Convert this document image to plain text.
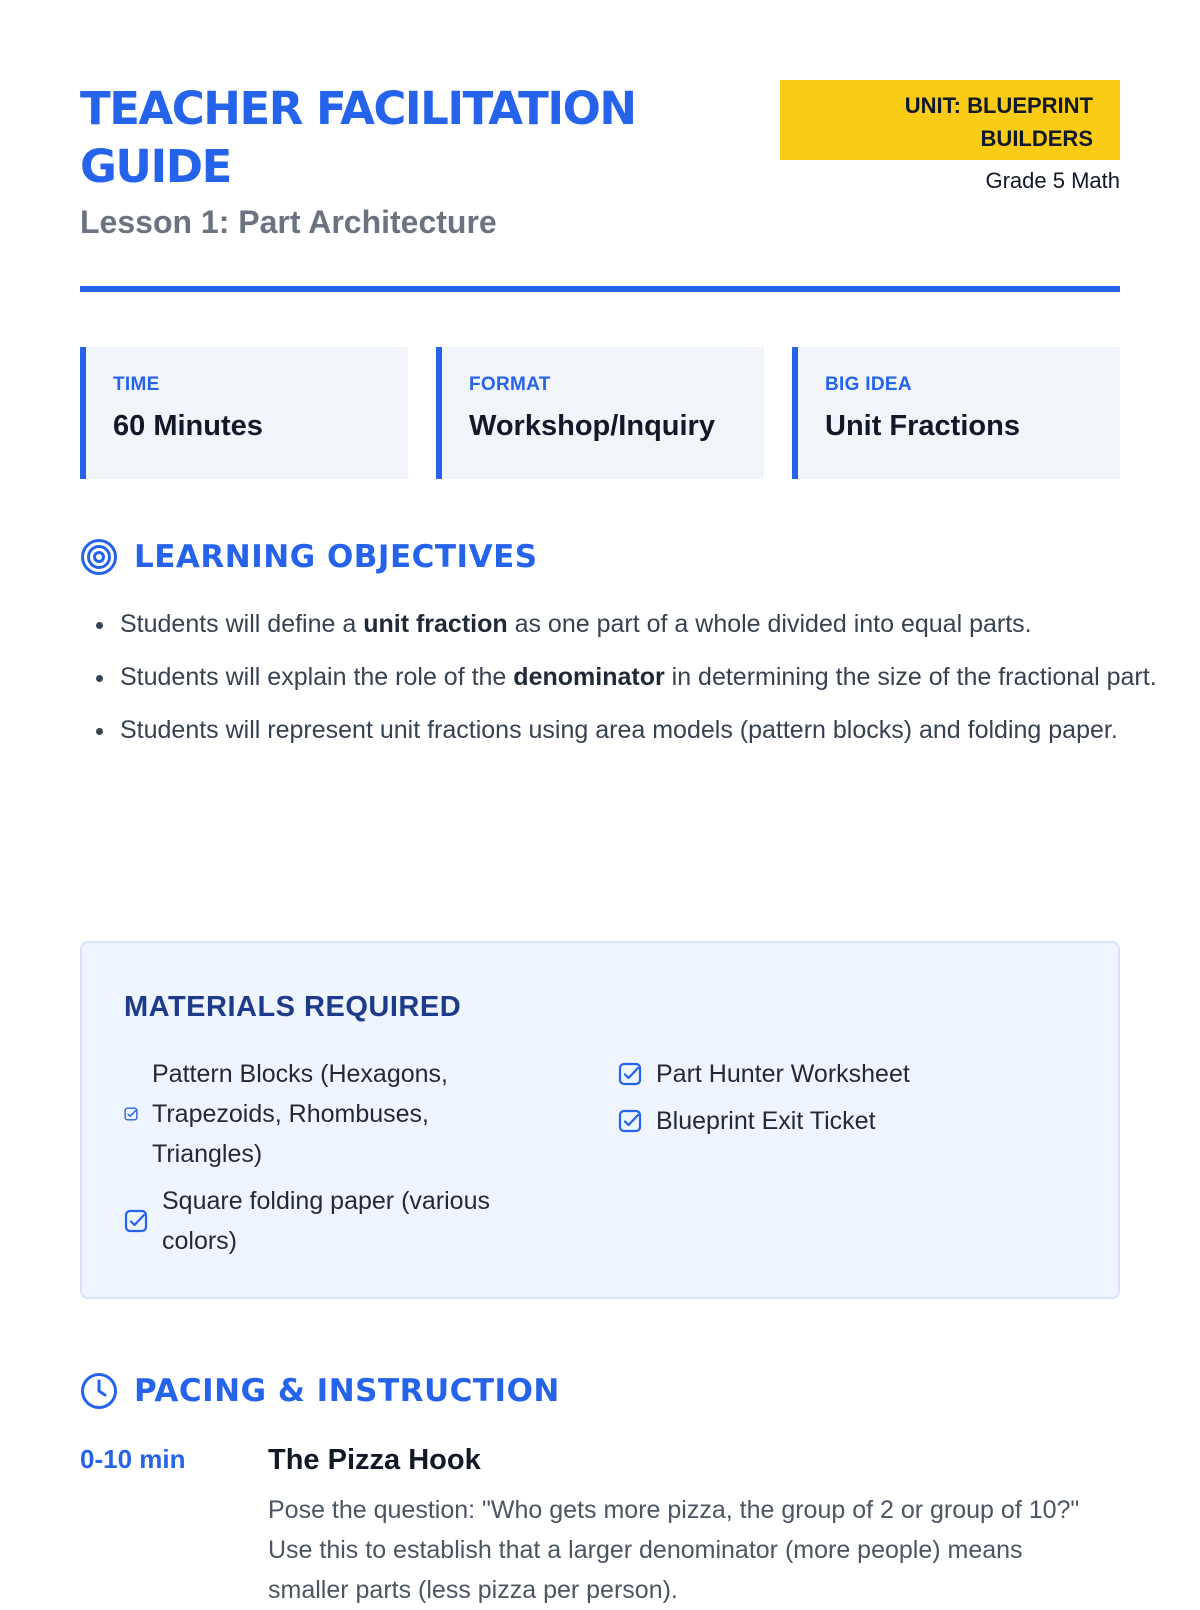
TEACHER FACILITATION GUIDE
Lesson 1: Part Architecture
UNIT: BLUEPRINT BUILDERS
Grade 5 Math
TIME
60 Minutes
FORMAT
Workshop/Inquiry
BIG IDEA
Unit Fractions
LEARNING OBJECTIVES
Students will define a unit fraction as one part of a whole divided into equal parts.
Students will explain the role of the denominator in determining the size of the fractional part.
Students will represent unit fractions using area models (pattern blocks) and folding paper.
MATERIALS REQUIRED
Pattern Blocks (Hexagons, Trapezoids, Rhombuses, Triangles)
Square folding paper (various colors)
Part Hunter Worksheet
Blueprint Exit Ticket
PACING & INSTRUCTION
0-10 min	The Pizza Hook

Pose the question: "Who gets more pizza, the group of 2 or group of 10?" Use this to establish that a larger denominator (more people) means smaller parts (less pizza per person).
